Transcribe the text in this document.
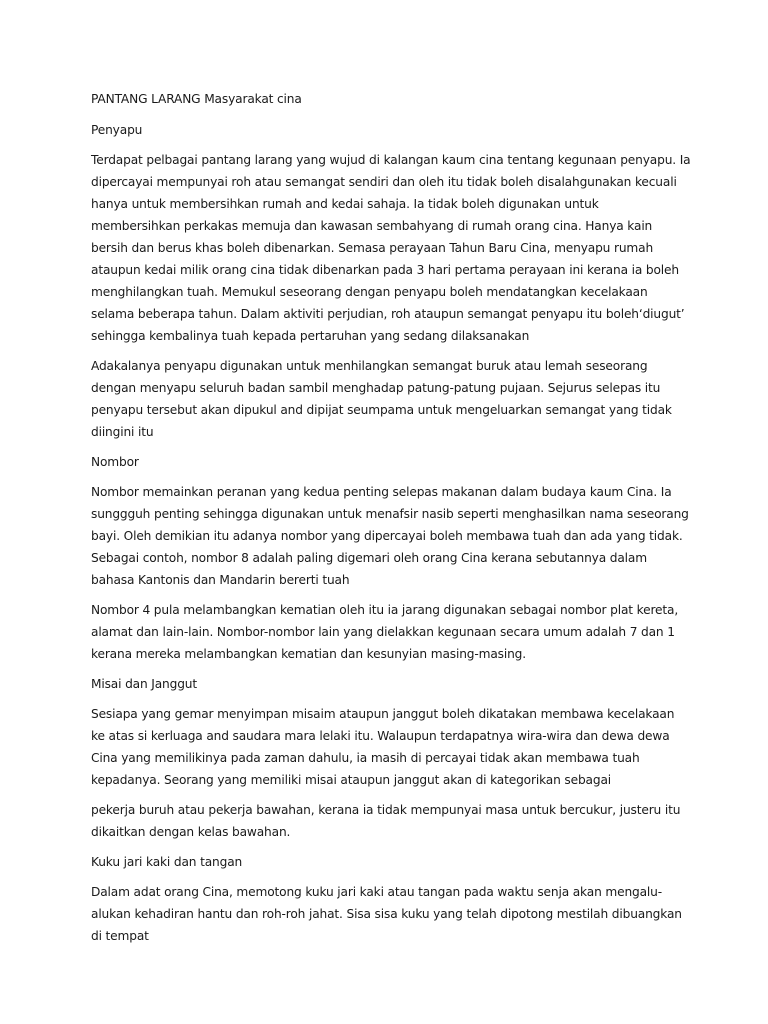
PANTANG LARANG Masyarakat cina

Penyapu

Terdapat pelbagai pantang larang yang wujud di kalangan kaum cina tentang kegunaan penyapu. Ia dipercayai mempunyai roh atau semangat sendiri dan oleh itu tidak boleh disalahgunakan kecuali hanya untuk membersihkan rumah and kedai sahaja. Ia tidak boleh digunakan untuk membersihkan perkakas memuja dan kawasan sembahyang di rumah orang cina. Hanya kain bersih dan berus khas boleh dibenarkan. Semasa perayaan Tahun Baru Cina, menyapu rumah ataupun kedai milik orang cina tidak dibenarkan pada 3 hari pertama perayaan ini kerana ia boleh menghilangkan tuah. Memukul seseorang dengan penyapu boleh mendatangkan kecelakaan selama beberapa tahun. Dalam aktiviti perjudian, roh ataupun semangat penyapu itu boleh‘diugut’ sehingga kembalinya tuah kepada pertaruhan yang sedang dilaksanakan

Adakalanya penyapu digunakan untuk menhilangkan semangat buruk atau lemah seseorang dengan menyapu seluruh badan sambil menghadap patung-patung pujaan. Sejurus selepas itu penyapu tersebut akan dipukul and dipijat seumpama untuk mengeluarkan semangat yang tidak diingini itu

Nombor

Nombor memainkan peranan yang kedua penting selepas makanan dalam budaya kaum Cina. Ia sunggguh penting sehingga digunakan untuk menafsir nasib seperti menghasilkan nama seseorang bayi. Oleh demikian itu adanya nombor yang dipercayai boleh membawa tuah dan ada yang tidak. Sebagai contoh, nombor 8 adalah paling digemari oleh orang Cina kerana sebutannya dalam bahasa Kantonis dan Mandarin bererti tuah

Nombor 4 pula melambangkan kematian oleh itu ia jarang digunakan sebagai nombor plat kereta, alamat dan lain-lain. Nombor-nombor lain yang dielakkan kegunaan secara umum adalah 7 dan 1 kerana mereka melambangkan kematian dan kesunyian masing-masing.

Misai dan Janggut

Sesiapa yang gemar menyimpan misaim ataupun janggut boleh dikatakan membawa kecelakaan ke atas si kerluaga and saudara mara lelaki itu. Walaupun terdapatnya wira-wira dan dewa dewa Cina yang memilikinya pada zaman dahulu, ia masih di percayai tidak akan membawa tuah kepadanya. Seorang yang memiliki misai ataupun janggut akan di kategorikan sebagai

pekerja buruh atau pekerja bawahan, kerana ia tidak mempunyai masa untuk bercukur, justeru itu dikaitkan dengan kelas bawahan.

Kuku jari kaki dan tangan

Dalam adat orang Cina, memotong kuku jari kaki atau tangan pada waktu senja akan mengalu-alukan kehadiran hantu dan roh-roh jahat. Sisa sisa kuku yang telah dipotong mestilah dibuangkan di tempat
